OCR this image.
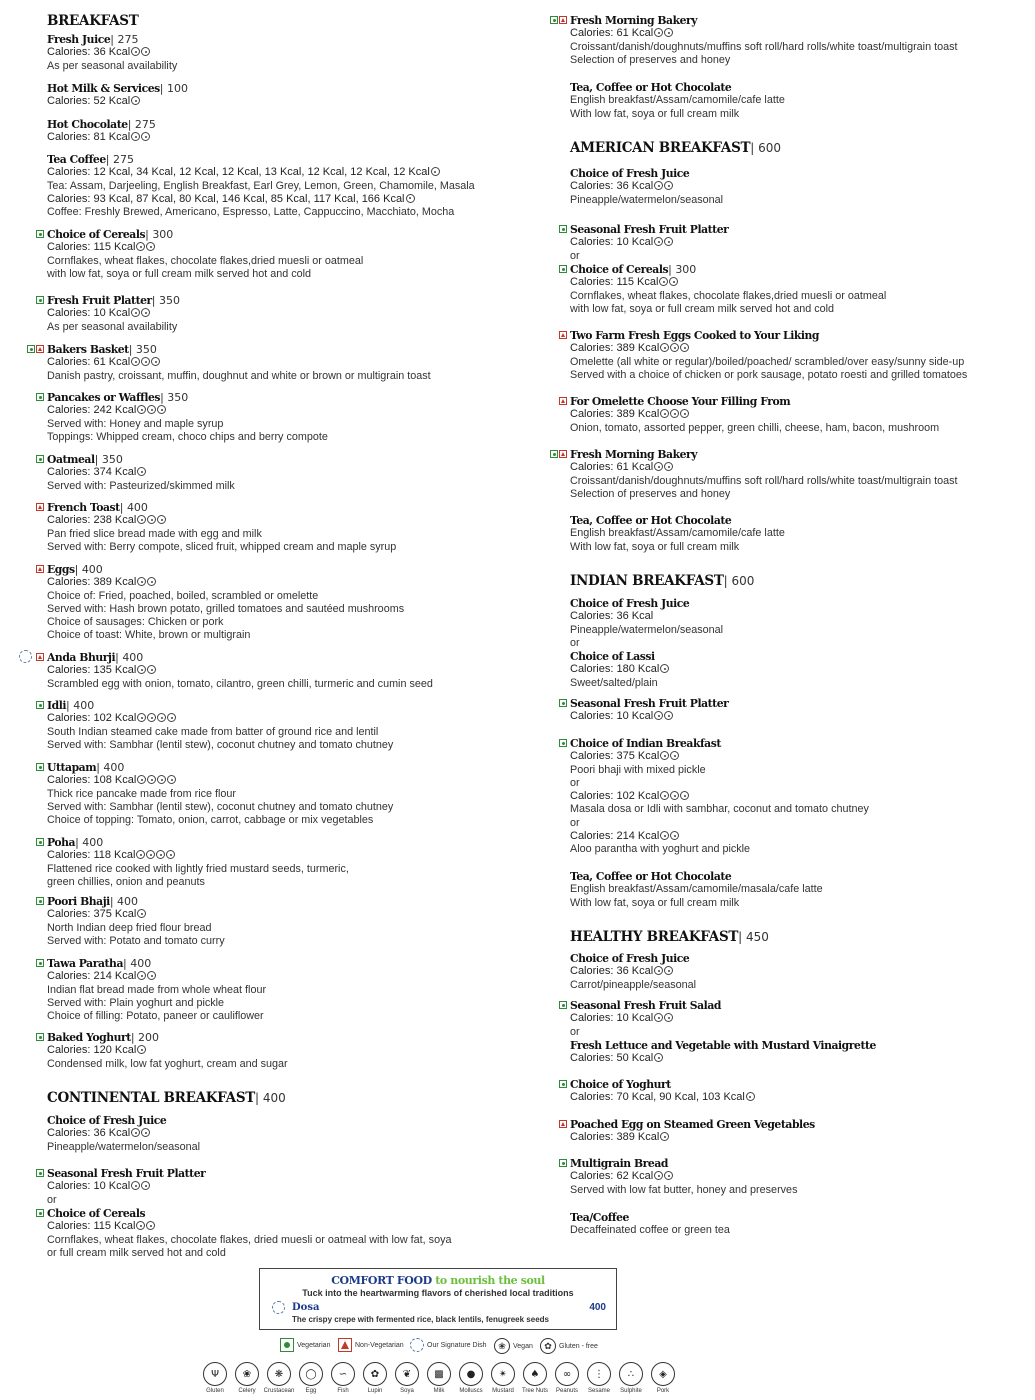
BREAKFAST
Fresh Juice| 275
Calories: 36 Kcal
As per seasonal availability
Hot Milk & Services| 100
Calories: 52 Kcal
Hot Chocolate| 275
Calories: 81 Kcal
Tea Coffee| 275
Calories: 12 Kcal, 34 Kcal, 12 Kcal, 12 Kcal, 13 Kcal, 12 Kcal, 12 Kcal, 12 Kcal
Tea: Assam, Darjeeling, English Breakfast, Earl Grey, Lemon, Green, Chamomile, Masala
Calories: 93 Kcal, 87 Kcal, 80 Kcal, 146 Kcal, 85 Kcal, 117 Kcal, 166 Kcal
Coffee: Freshly Brewed, Americano, Espresso, Latte, Cappuccino, Macchiato, Mocha
Choice of Cereals| 300
Calories: 115 Kcal
Cornflakes, wheat flakes, chocolate flakes,dried muesli or oatmeal
with low fat, soya or full cream milk served hot and cold
Fresh Fruit Platter| 350
Calories: 10 Kcal
As per seasonal availability
Bakers Basket| 350
Calories: 61 Kcal
Danish pastry, croissant, muffin, doughnut and white or brown or multigrain toast
Pancakes or Waffles| 350
Calories: 242 Kcal
Served with: Honey and maple syrup
Toppings: Whipped cream, choco chips and berry compote
Oatmeal| 350
Calories: 374 Kcal
Served with: Pasteurized/skimmed milk
French Toast| 400
Calories: 238 Kcal
Pan fried slice bread made with egg and milk
Served with: Berry compote, sliced fruit, whipped cream and maple syrup
Eggs| 400
Calories: 389 Kcal
Choice of: Fried, poached, boiled, scrambled or omelette
Served with: Hash brown potato, grilled tomatoes and sautéed mushrooms
Choice of sausages: Chicken or pork
Choice of toast: White, brown or multigrain
Anda Bhurji| 400
Calories: 135 Kcal
Scrambled egg with onion, tomato, cilantro, green chilli, turmeric and cumin seed
Idli| 400
Calories: 102 Kcal
South Indian steamed cake made from batter of ground rice and lentil
Served with: Sambhar (lentil stew), coconut chutney and tomato chutney
Uttapam| 400
Calories: 108 Kcal
Thick rice pancake made from rice flour
Served with: Sambhar (lentil stew), coconut chutney and tomato chutney
Choice of topping: Tomato, onion, carrot, cabbage or mix vegetables
Poha| 400
Calories: 118 Kcal
Flattened rice cooked with lightly fried mustard seeds, turmeric,
green chillies, onion and peanuts
Poori Bhaji| 400
Calories: 375 Kcal
North Indian deep fried flour bread
Served with: Potato and tomato curry
Tawa Paratha| 400
Calories: 214 Kcal
Indian flat bread made from whole wheat flour
Served with: Plain yoghurt and pickle
Choice of filling: Potato, paneer or cauliflower
Baked Yoghurt| 200
Calories: 120 Kcal
Condensed milk, low fat yoghurt, cream and sugar
CONTINENTAL BREAKFAST| 400
Choice of Fresh Juice
Calories: 36 Kcal
Pineapple/watermelon/seasonal
Seasonal Fresh Fruit Platter
Calories: 10 Kcal
or
Choice of Cereals
Calories: 115 Kcal
Cornflakes, wheat flakes, chocolate flakes, dried muesli or oatmeal with low fat, soya
or full cream milk served hot and cold
Fresh Morning Bakery
Calories: 61 Kcal
Croissant/danish/doughnuts/muffins soft roll/hard rolls/white toast/multigrain toast
Selection of preserves and honey
Tea, Coffee or Hot Chocolate
English breakfast/Assam/camomile/cafe latte
With low fat, soya or full cream milk
AMERICAN BREAKFAST| 600
Choice of Fresh Juice
Calories: 36 Kcal
Pineapple/watermelon/seasonal
Seasonal Fresh Fruit Platter
Calories: 10 Kcal
or
Choice of Cereals| 300
Calories: 115 Kcal
Cornflakes, wheat flakes, chocolate flakes,dried muesli or oatmeal
with low fat, soya or full cream milk served hot and cold
Two Farm Fresh Eggs Cooked to Your Liking
Calories: 389 Kcal
Omelette (all white or regular)/boiled/poached/ scrambled/over easy/sunny side-up
Served with a choice of chicken or pork sausage, potato roesti and grilled tomatoes
For Omelette Choose Your Filling From
Calories: 389 Kcal
Onion, tomato, assorted pepper, green chilli, cheese, ham, bacon, mushroom
Fresh Morning Bakery
Calories: 61 Kcal
Croissant/danish/doughnuts/muffins soft roll/hard rolls/white toast/multigrain toast
Selection of preserves and honey
Tea, Coffee or Hot Chocolate
English breakfast/Assam/camomile/cafe latte
With low fat, soya or full cream milk
INDIAN BREAKFAST| 600
Choice of Fresh Juice
Calories: 36 Kcal
Pineapple/watermelon/seasonal
or
Choice of Lassi
Calories: 180 Kcal
Sweet/salted/plain
Seasonal Fresh Fruit Platter
Calories: 10 Kcal
Choice of Indian Breakfast
Calories: 375 Kcal
Poori bhaji with mixed pickle
or
Calories: 102 Kcal
Masala dosa or Idli with sambhar, coconut and tomato chutney
or
Calories: 214 Kcal
Aloo parantha with yoghurt and pickle
Tea, Coffee or Hot Chocolate
English breakfast/Assam/camomile/masala/cafe latte
With low fat, soya or full cream milk
HEALTHY BREAKFAST| 450
Choice of Fresh Juice
Calories: 36 Kcal
Carrot/pineapple/seasonal
Seasonal Fresh Fruit Salad
Calories: 10 Kcal
or
Fresh Lettuce and Vegetable with Mustard Vinaigrette
Calories: 50 Kcal
Choice of Yoghurt
Calories: 70 Kcal, 90 Kcal, 103 Kcal
Poached Egg on Steamed Green Vegetables
Calories: 389 Kcal
Multigrain Bread
Calories: 62 Kcal
Served with low fat butter, honey and preserves
Tea/Coffee
Decaffeinated coffee or green tea
COMFORT FOOD to nourish the soul
Tuck into the heartwarming flavors of cherished local traditions
Dosa	400
The crispy crepe with fermented rice, black lentils, fenugreek seeds
Vegetarian	Non-Vegetarian	Our Signature Dish	❀	Vegan	✿	Gluten - free
Ψ
Gluten
❀
Celery
❋
Crustacean
◯
Egg
∽
Fish
✿
Lupin
❦
Soya
▩
Milk
●
Molluscs
✴
Mustard
♠
Tree Nuts
∞
Peanuts
⋮
Sesame
∴
Sulphite
◈
Pork
